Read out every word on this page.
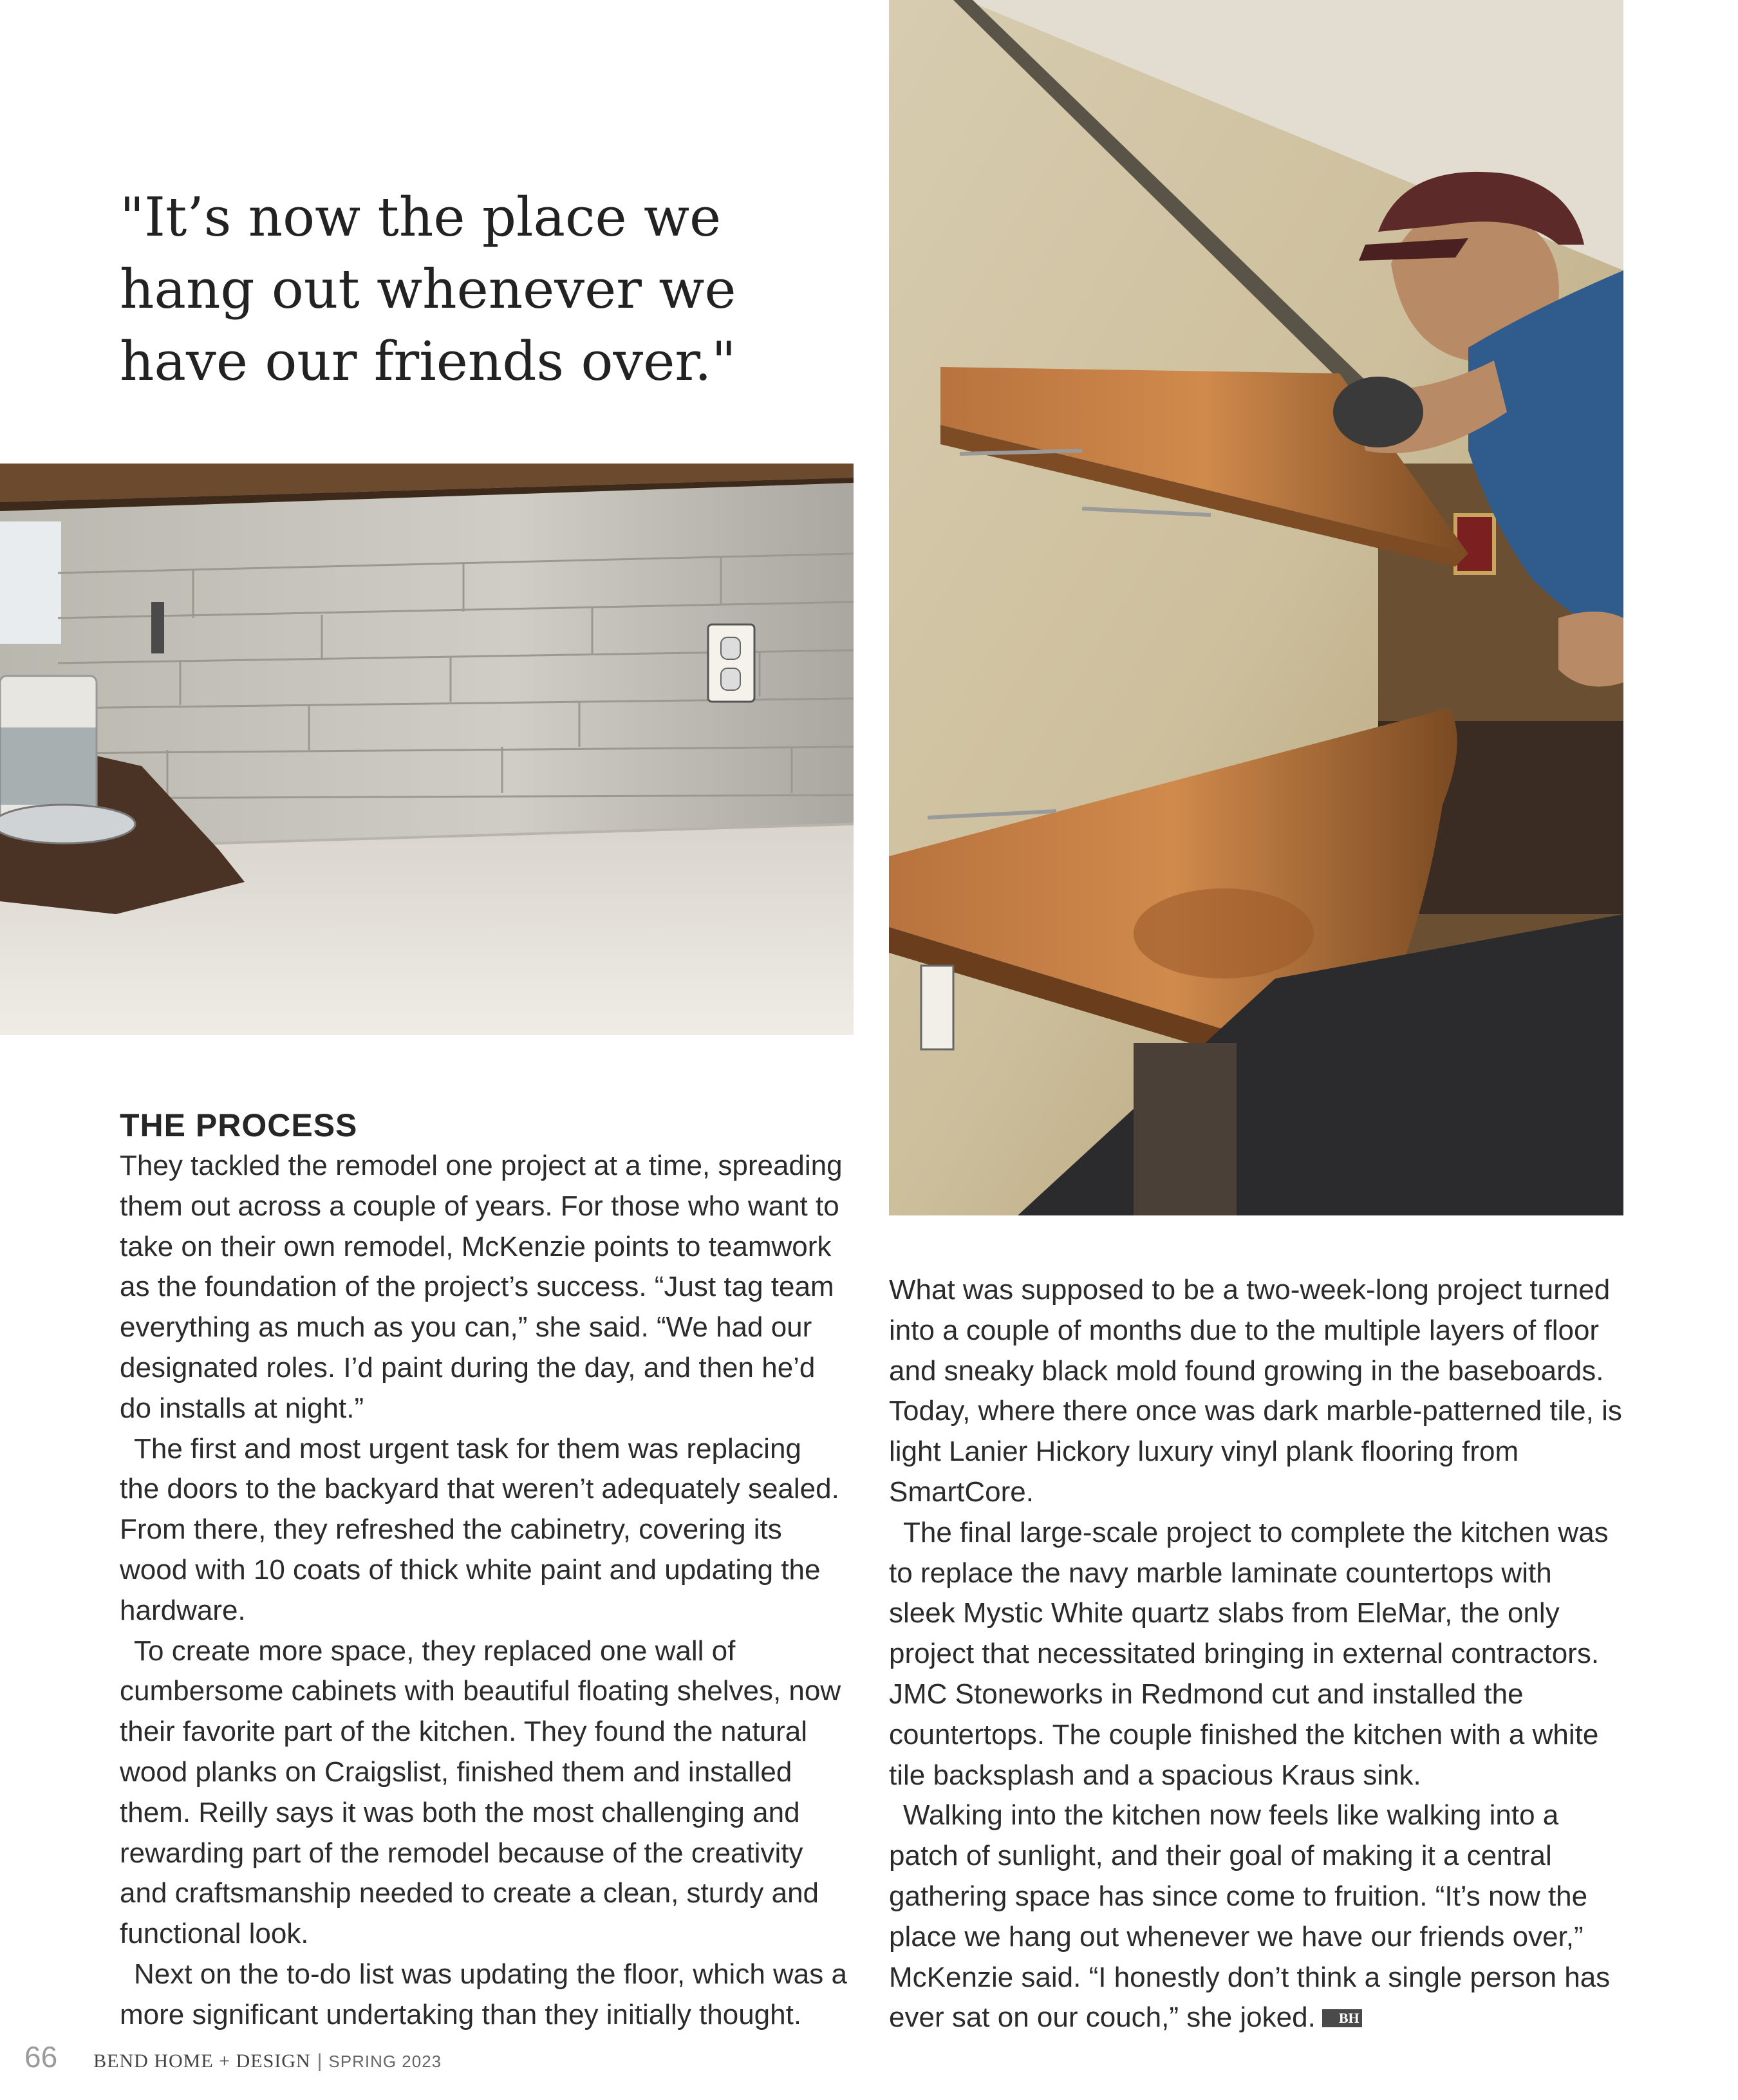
"It’s now the place we hang out whenever we have our friends over."
THE PROCESS

They tackled the remodel one project at a time, spreading them out across a couple of years. For those who want to take on their own remodel, McKenzie points to teamwork as the foundation of the project’s success. “Just tag team everything as much as you can,” she said. “We had our designated roles. I’d paint during the day, and then he’d do installs at night.”

The first and most urgent task for them was replacing the doors to the backyard that weren’t adequately sealed. From there, they refreshed the cabinetry, covering its wood with 10 coats of thick white paint and updating the hardware.

To create more space, they replaced one wall of cumbersome cabinets with beautiful floating shelves, now their favorite part of the kitchen. They found the natural wood planks on Craigslist, finished them and installed them. Reilly says it was both the most challenging and rewarding part of the remodel because of the creativity and craftsmanship needed to create a clean, sturdy and functional look.

Next on the to-do list was updating the floor, which was a more significant undertaking than they initially thought.

What was supposed to be a two-week-long project turned into a couple of months due to the multiple layers of floor and sneaky black mold found growing in the baseboards. Today, where there once was dark marble-patterned tile, is light Lanier Hickory luxury vinyl plank flooring from SmartCore.

The final large-scale project to complete the kitchen was to replace the navy marble laminate countertops with sleek Mystic White quartz slabs from EleMar, the only project that necessitated bringing in external contractors. JMC Stoneworks in Redmond cut and installed the countertops. The couple finished the kitchen with a white tile backsplash and a spacious Kraus sink.

Walking into the kitchen now feels like walking into a patch of sunlight, and their goal of making it a central gathering space has since come to fruition. “It’s now the place we hang out whenever we have our friends over,” McKenzie said. “I honestly don’t think a single person has ever sat on our couch,” she joked. BH

66 BEND HOME + DESIGN | SPRING 2023
